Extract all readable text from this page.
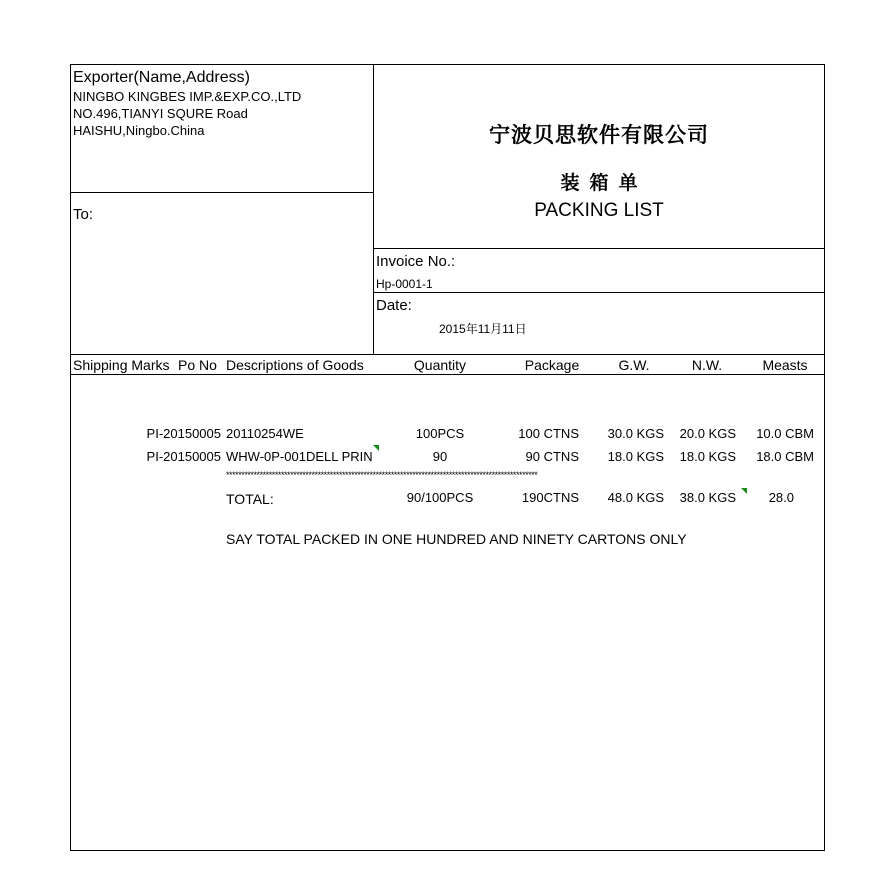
Exporter(Name,Address)
NINGBO KINGBES IMP.&EXP.CO.,LTD
NO.496,TIANYI SQURE Road
HAISHU,Ningbo.China
To:
宁波贝思软件有限公司
装箱单
PACKING LIST
Invoice No.:
Hp-0001-1
Date:
2015年11月11日
Shipping Marks Po No Descriptions of Goods	Quantity	Package	G.W.	N.W.	Measts
PI-20150005 20110254WE	100PCS	100 CTNS	30.0 KGS	20.0 KGS	10.0 CBM
PI-20150005 WHW-0P-001DELL PRIN	90	90 CTNS	18.0 KGS	18.0 KGS	18.0 CBM
******************************************************************************************************
TOTAL:	90/100PCS	190CTNS	48.0 KGS	38.0 KGS	28.0
SAY TOTAL PACKED IN ONE HUNDRED AND NINETY CARTONS ONLY
